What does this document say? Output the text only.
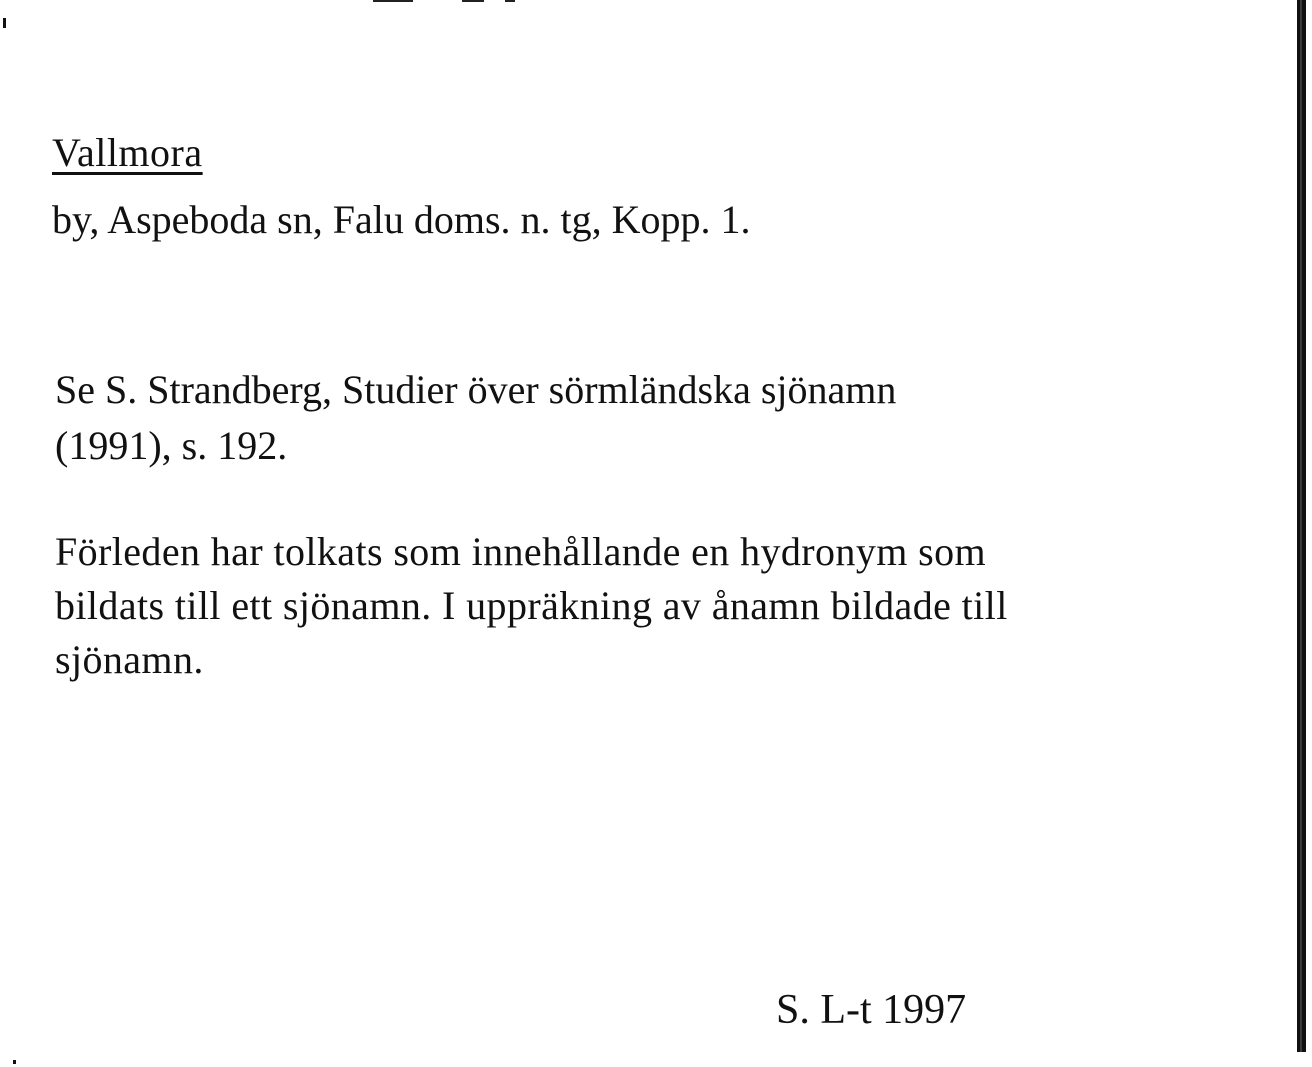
Vallmora
by, Aspeboda sn, Falu doms. n. tg, Kopp. 1.
Se S. Strandberg, Studier över sörmländska sjönamn
(1991), s. 192.
Förleden har tolkats som innehållande en hydronym som
bildats till ett sjönamn. I uppräkning av ånamn bildade till
sjönamn.
S. L-t 1997
